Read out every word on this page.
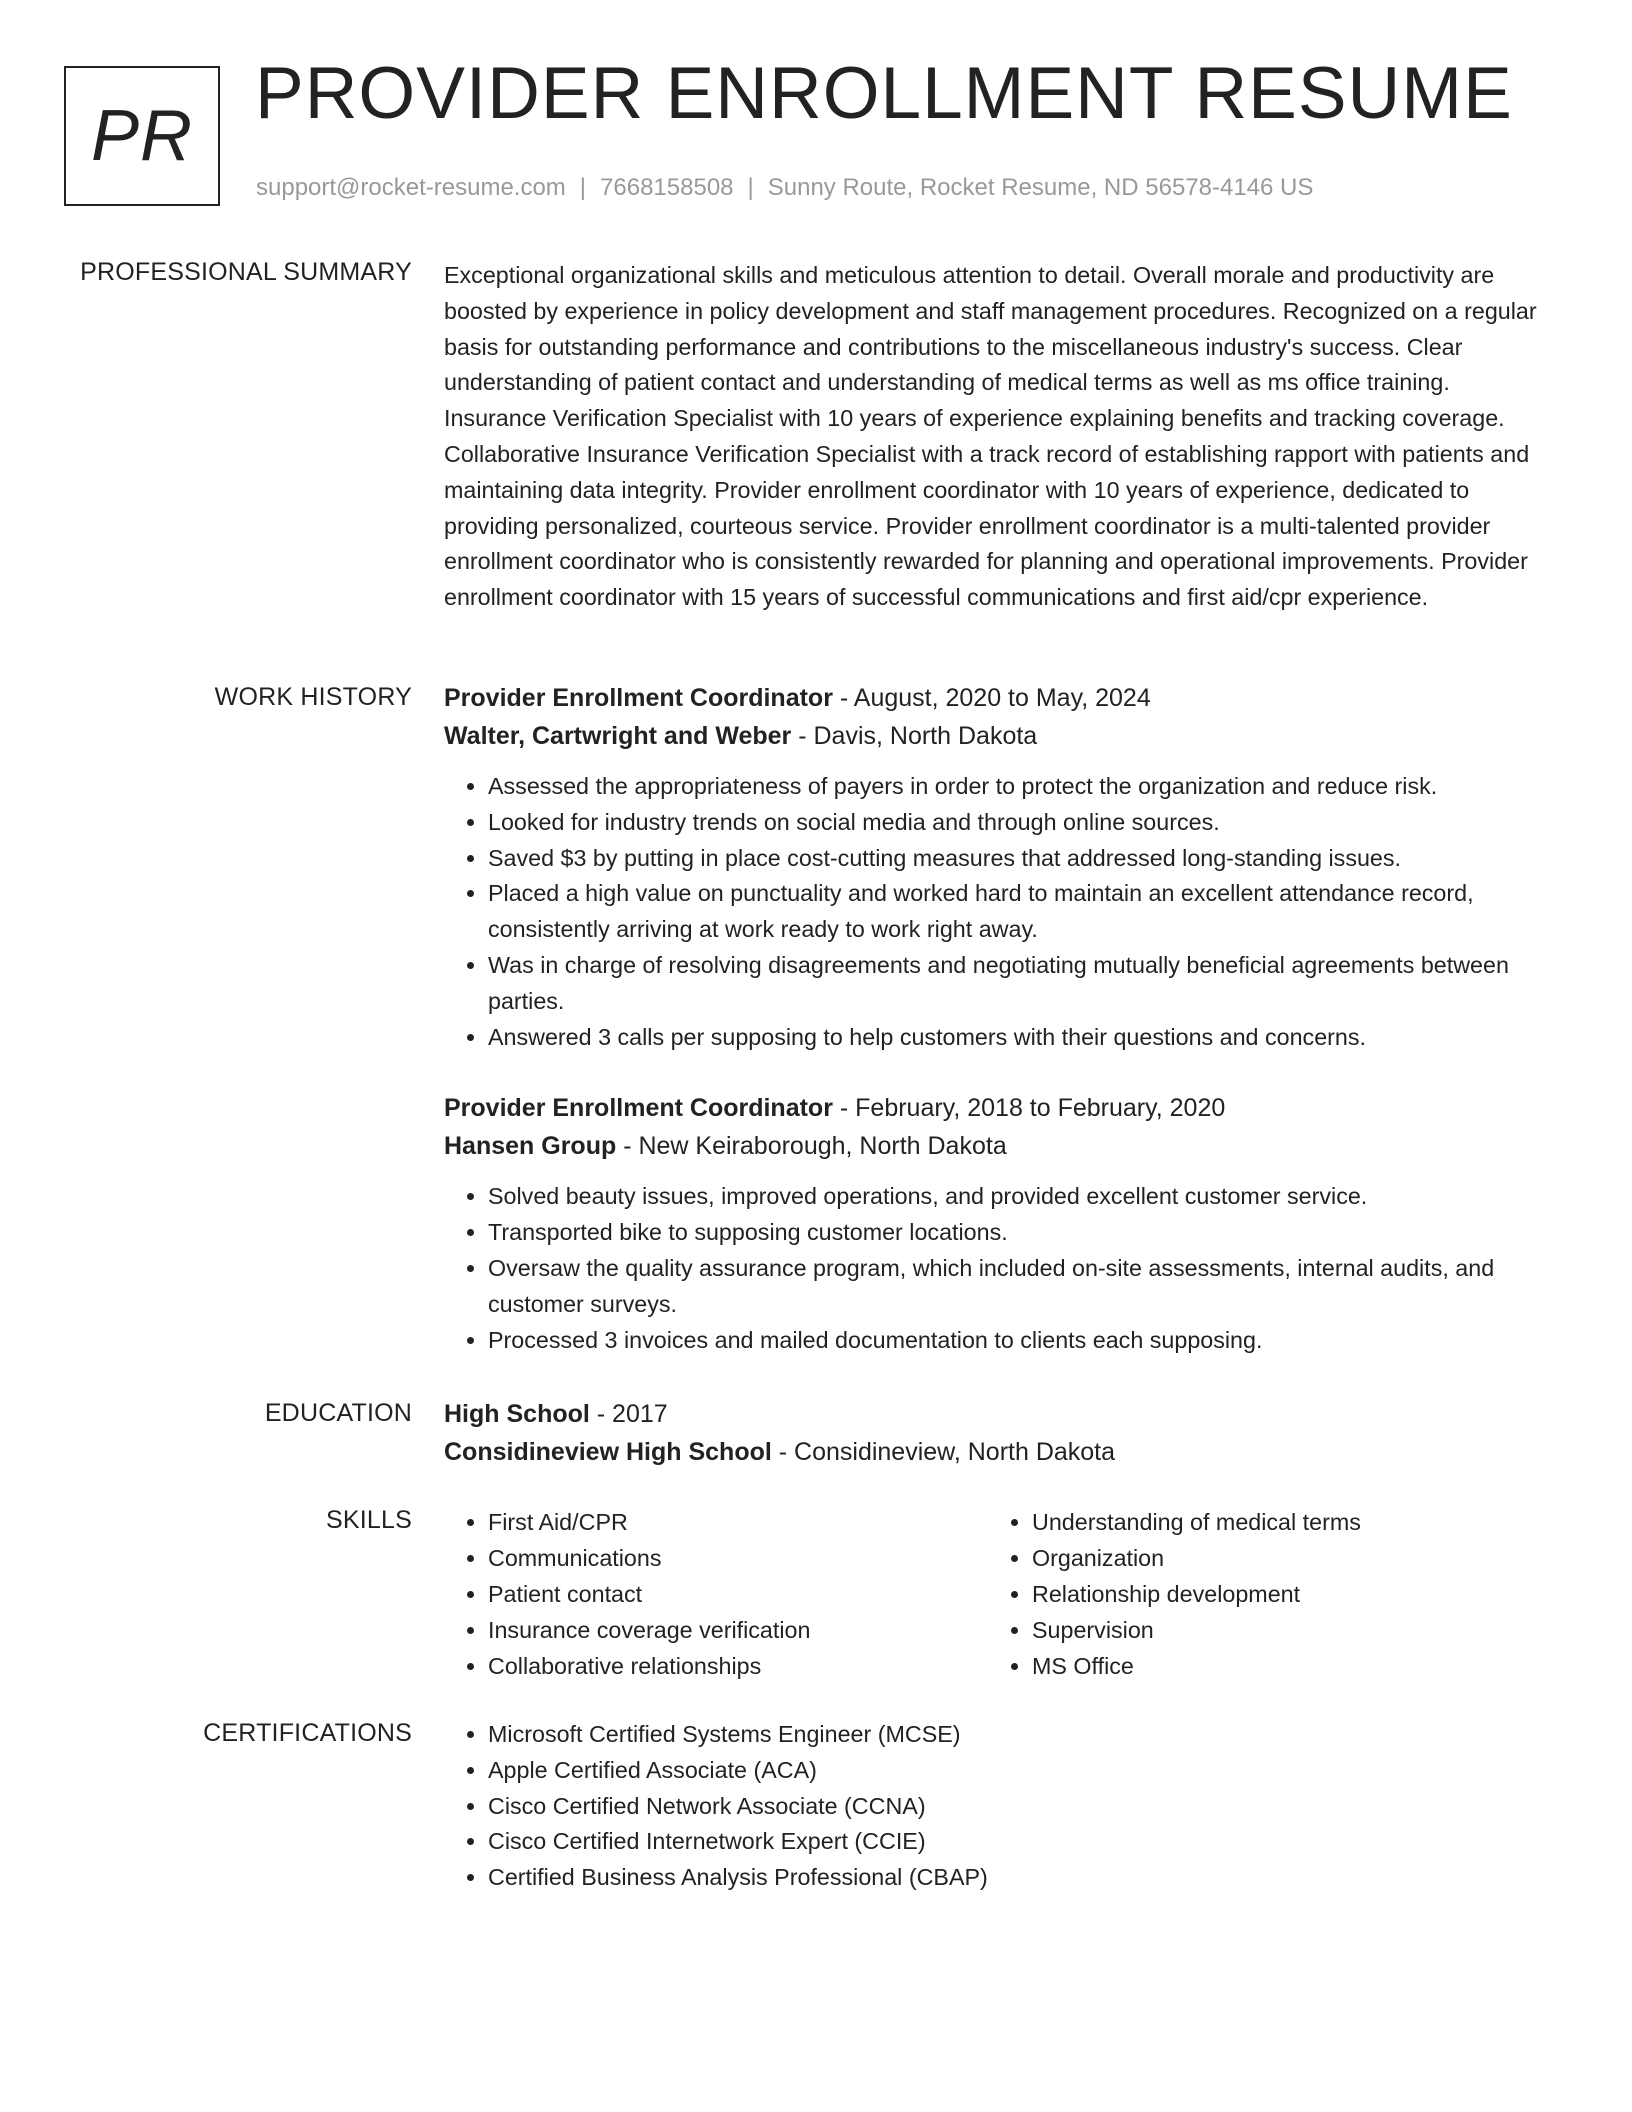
PR
PROVIDER ENROLLMENT RESUME
support@rocket-resume.com | 7668158508 | Sunny Route, Rocket Resume, ND 56578-4146 US
PROFESSIONAL SUMMARY Exceptional organizational skills and meticulous attention to detail. Overall morale and productivity are boosted by experience in policy development and staff management procedures. Recognized on a regular basis for outstanding performance and contributions to the miscellaneous industry's success. Clear understanding of patient contact and understanding of medical terms as well as ms office training. Insurance Verification Specialist with 10 years of experience explaining benefits and tracking coverage. Collaborative Insurance Verification Specialist with a track record of establishing rapport with patients and maintaining data integrity. Provider enrollment coordinator with 10 years of experience, dedicated to providing personalized, courteous service. Provider enrollment coordinator is a multi-talented provider enrollment coordinator who is consistently rewarded for planning and operational improvements. Provider enrollment coordinator with 15 years of successful communications and first aid/cpr experience.

WORK HISTORY Provider Enrollment Coordinator - August, 2020 to May, 2024
Walter, Cartwright and Weber - Davis, North Dakota
• Assessed the appropriateness of payers in order to protect the organization and reduce risk.
• Looked for industry trends on social media and through online sources.
• Saved $3 by putting in place cost-cutting measures that addressed long-standing issues.
• Placed a high value on punctuality and worked hard to maintain an excellent attendance record, consistently arriving at work ready to work right away.
• Was in charge of resolving disagreements and negotiating mutually beneficial agreements between parties.
• Answered 3 calls per supposing to help customers with their questions and concerns.
Provider Enrollment Coordinator - February, 2018 to February, 2020
Hansen Group - New Keiraborough, North Dakota
• Solved beauty issues, improved operations, and provided excellent customer service.
• Transported bike to supposing customer locations.
• Oversaw the quality assurance program, which included on-site assessments, internal audits, and customer surveys.
• Processed 3 invoices and mailed documentation to clients each supposing.
EDUCATION High School - 2017
Considineview High School - Considineview, North Dakota
SKILLS	• First Aid/CPR
• Communications
• Patient contact
• Insurance coverage verification
• Collaborative relationships
• Understanding of medical terms
• Organization
• Relationship development
• Supervision
• MS Office
CERTIFICATIONS	• Microsoft Certified Systems Engineer (MCSE)
• Apple Certified Associate (ACA)
• Cisco Certified Network Associate (CCNA)
• Cisco Certified Internetwork Expert (CCIE)
• Certified Business Analysis Professional (CBAP)
